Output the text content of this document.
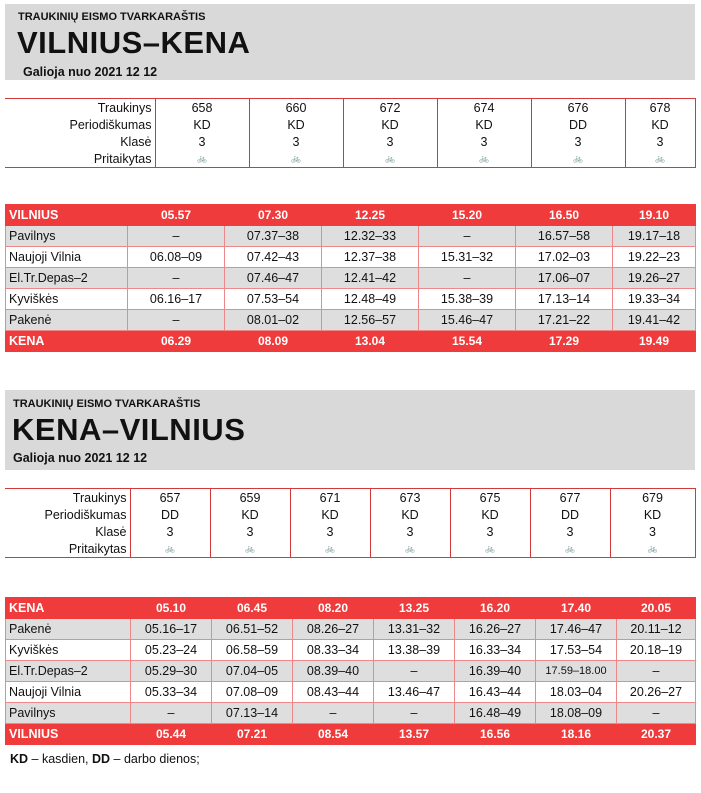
TRAUKINIŲ EISMO TVARKARAŠTIS
VILNIUS–KENA
Galioja nuo 2021 12 12
Traukinys	658	660	672	674	676	678	
Periodiškumas	KD	KD	KD	KD	DD	KD	
Klasė	3	3	3	3	3	3	
Pritaikytas	🚲	🚲	🚲	🚲	🚲	🚲	
VILNIUS	05.57	07.30	12.25	15.20	16.50	19.10
Pavilnys	–	07.37–38	12.32–33	–	16.57–58	19.17–18
Naujoji Vilnia	06.08–09	07.42–43	12.37–38	15.31–32	17.02–03	19.22–23
El.Tr.Depas–2	–	07.46–47	12.41–42	–	17.06–07	19.26–27
Kyviškės	06.16–17	07.53–54	12.48–49	15.38–39	17.13–14	19.33–34
Pakenė	–	08.01–02	12.56–57	15.46–47	17.21–22	19.41–42
KENA	06.29	08.09	13.04	15.54	17.29	19.49
TRAUKINIŲ EISMO TVARKARAŠTIS
KENA–VILNIUS
Galioja nuo 2021 12 12
Traukinys	657	659	671	673	675	677	679
Periodiškumas	DD	KD	KD	KD	KD	DD	KD
Klasė	3	3	3	3	3	3	3
Pritaikytas	🚲	🚲	🚲	🚲	🚲	🚲	🚲
KENA	05.10	06.45	08.20	13.25	16.20	17.40	20.05
Pakenė	05.16–17	06.51–52	08.26–27	13.31–32	16.26–27	17.46–47	20.11–12
Kyviškės	05.23–24	06.58–59	08.33–34	13.38–39	16.33–34	17.53–54	20.18–19
El.Tr.Depas–2	05.29–30	07.04–05	08.39–40	–	16.39–40	17.59–18.00	–
Naujoji Vilnia	05.33–34	07.08–09	08.43–44	13.46–47	16.43–44	18.03–04	20.26–27
Pavilnys	–	07.13–14	–	–	16.48–49	18.08–09	–
VILNIUS	05.44	07.21	08.54	13.57	16.56	18.16	20.37
KD – kasdien, DD – darbo dienos;
